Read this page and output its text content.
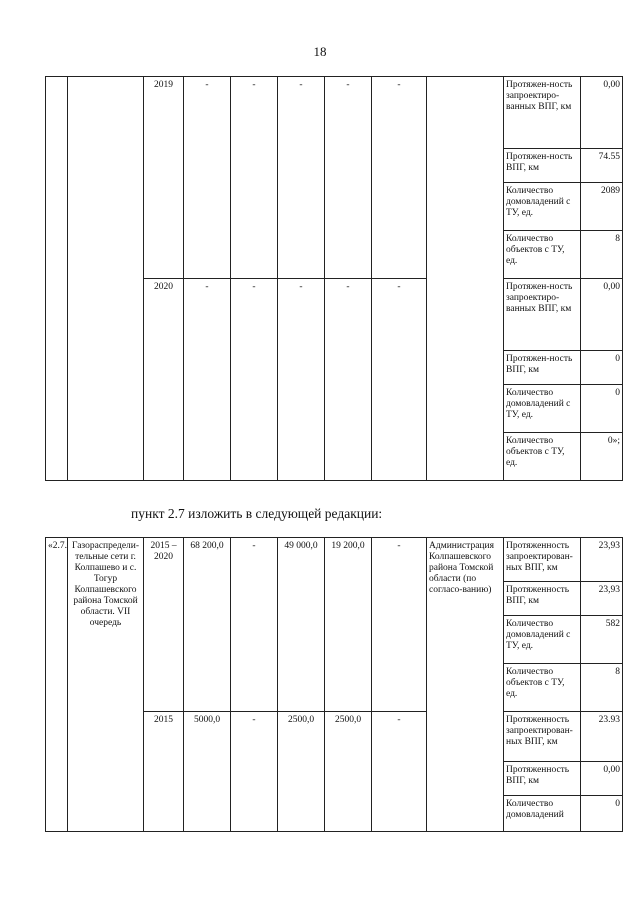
18
		2019	-	-	-	-	-		Протяжен-ность запроектиро-ванных ВПГ, км	0,00
									Протяжен-ность ВПГ, км	74.55
									Количество домовладений с ТУ, ед.	2089
									Количество объектов с ТУ, ед.	8
		2020	-	-	-	-	-		Протяжен-ность запроектиро-ванных ВПГ, км	0,00
									Протяжен-ность ВПГ, км	0
									Количество домовладений с ТУ, ед.	0
									Количество объектов с ТУ, ед.	0»;
пункт 2.7 изложить в следующей редакции:
«2.7.	Газораспредели-тельные сети г. Колпашево и с. Тогур Колпашевского района Томской области. VII очередь	2015 – 2020	68 200,0	-	49 000,0	19 200,0	-	Администрация Колпашевского района Томской области (по согласо-ванию)	Протяженность запроектирован-ных ВПГ, км	23,93
									Протяженность ВПГ, км	23,93
									Количество домовладений с ТУ, ед.	582
									Количество объектов с ТУ, ед.	8
		2015	5000,0	-	2500,0	2500,0	-		Протяженность запроектирован-ных ВПГ, км	23.93
									Протяженность ВПГ, км	0,00
									Количество домовладений	0
